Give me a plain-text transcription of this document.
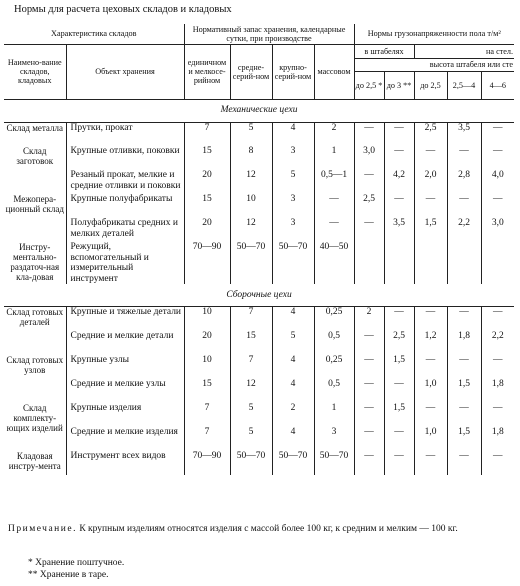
Нормы для расчета цеховых складов и кладовых
Характеристика складов		Нормативный запас хранения, календарные сутки, при производстве				Нормы грузонапряженности пола т/м²				
Наимено-вание складов, кладовых	Объект хранения	единичном и мелкосе-рийном	средне-серий-ном	крупно-серий-ном	массовом	в штабелях		на стел.		
						высота штабеля или сте				
						до 2,5 *	до 3 **	до 2,5	2,5—4	4—6
Механические цехи										
Склад металла	Прутки, прокат	7	5	4	2	—	—	2,5	3,5	—
Склад заготовок	Крупные отливки, поковки	15	8	3	1	3,0	—	—	—	—
	Резаный прокат, мелкие и средние отливки и поковки	20	12	5	0,5—1	—	4,2	2,0	2,8	4,0
Межопера-ционный склад	Крупные полуфабрикаты	15	10	3	—	2,5	—	—	—	—
	Полуфабрикаты средних и мелких деталей	20	12	3	—	—	3,5	1,5	2,2	3,0
Инстру-ментально-раздаточ-ная кла-довая	Режущий, вспомогательный и измерительный инструмент	70—90	50—70	50—70	40—50					
Сборочные цехи										
Склад готовых деталей	Крупные и тяжелые детали	10	7	4	0,25	2	—	—	—	—
	Средние и мелкие детали	20	15	5	0,5	—	2,5	1,2	1,8	2,2
Склад готовых узлов	Крупные узлы	10	7	4	0,25	—	1,5	—	—	—
	Средние и мелкие узлы	15	12	4	0,5	—	—	1,0	1,5	1,8
Склад комплекту-ющих изделий	Крупные изделия	7	5	2	1	—	1,5	—	—	—
	Средние и мелкие изделия	7	5	4	3	—	—	1,0	1,5	1,8
Кладовая инстру-мента	Инструмент всех видов	70—90	50—70	50—70	50—70	—	—	—	—	—
Примечание. К крупным изделиям относятся изделия с массой более 100 кг, к средним и мелким — 100 кг.
* Хранение поштучное.
** Хранение в таре.
